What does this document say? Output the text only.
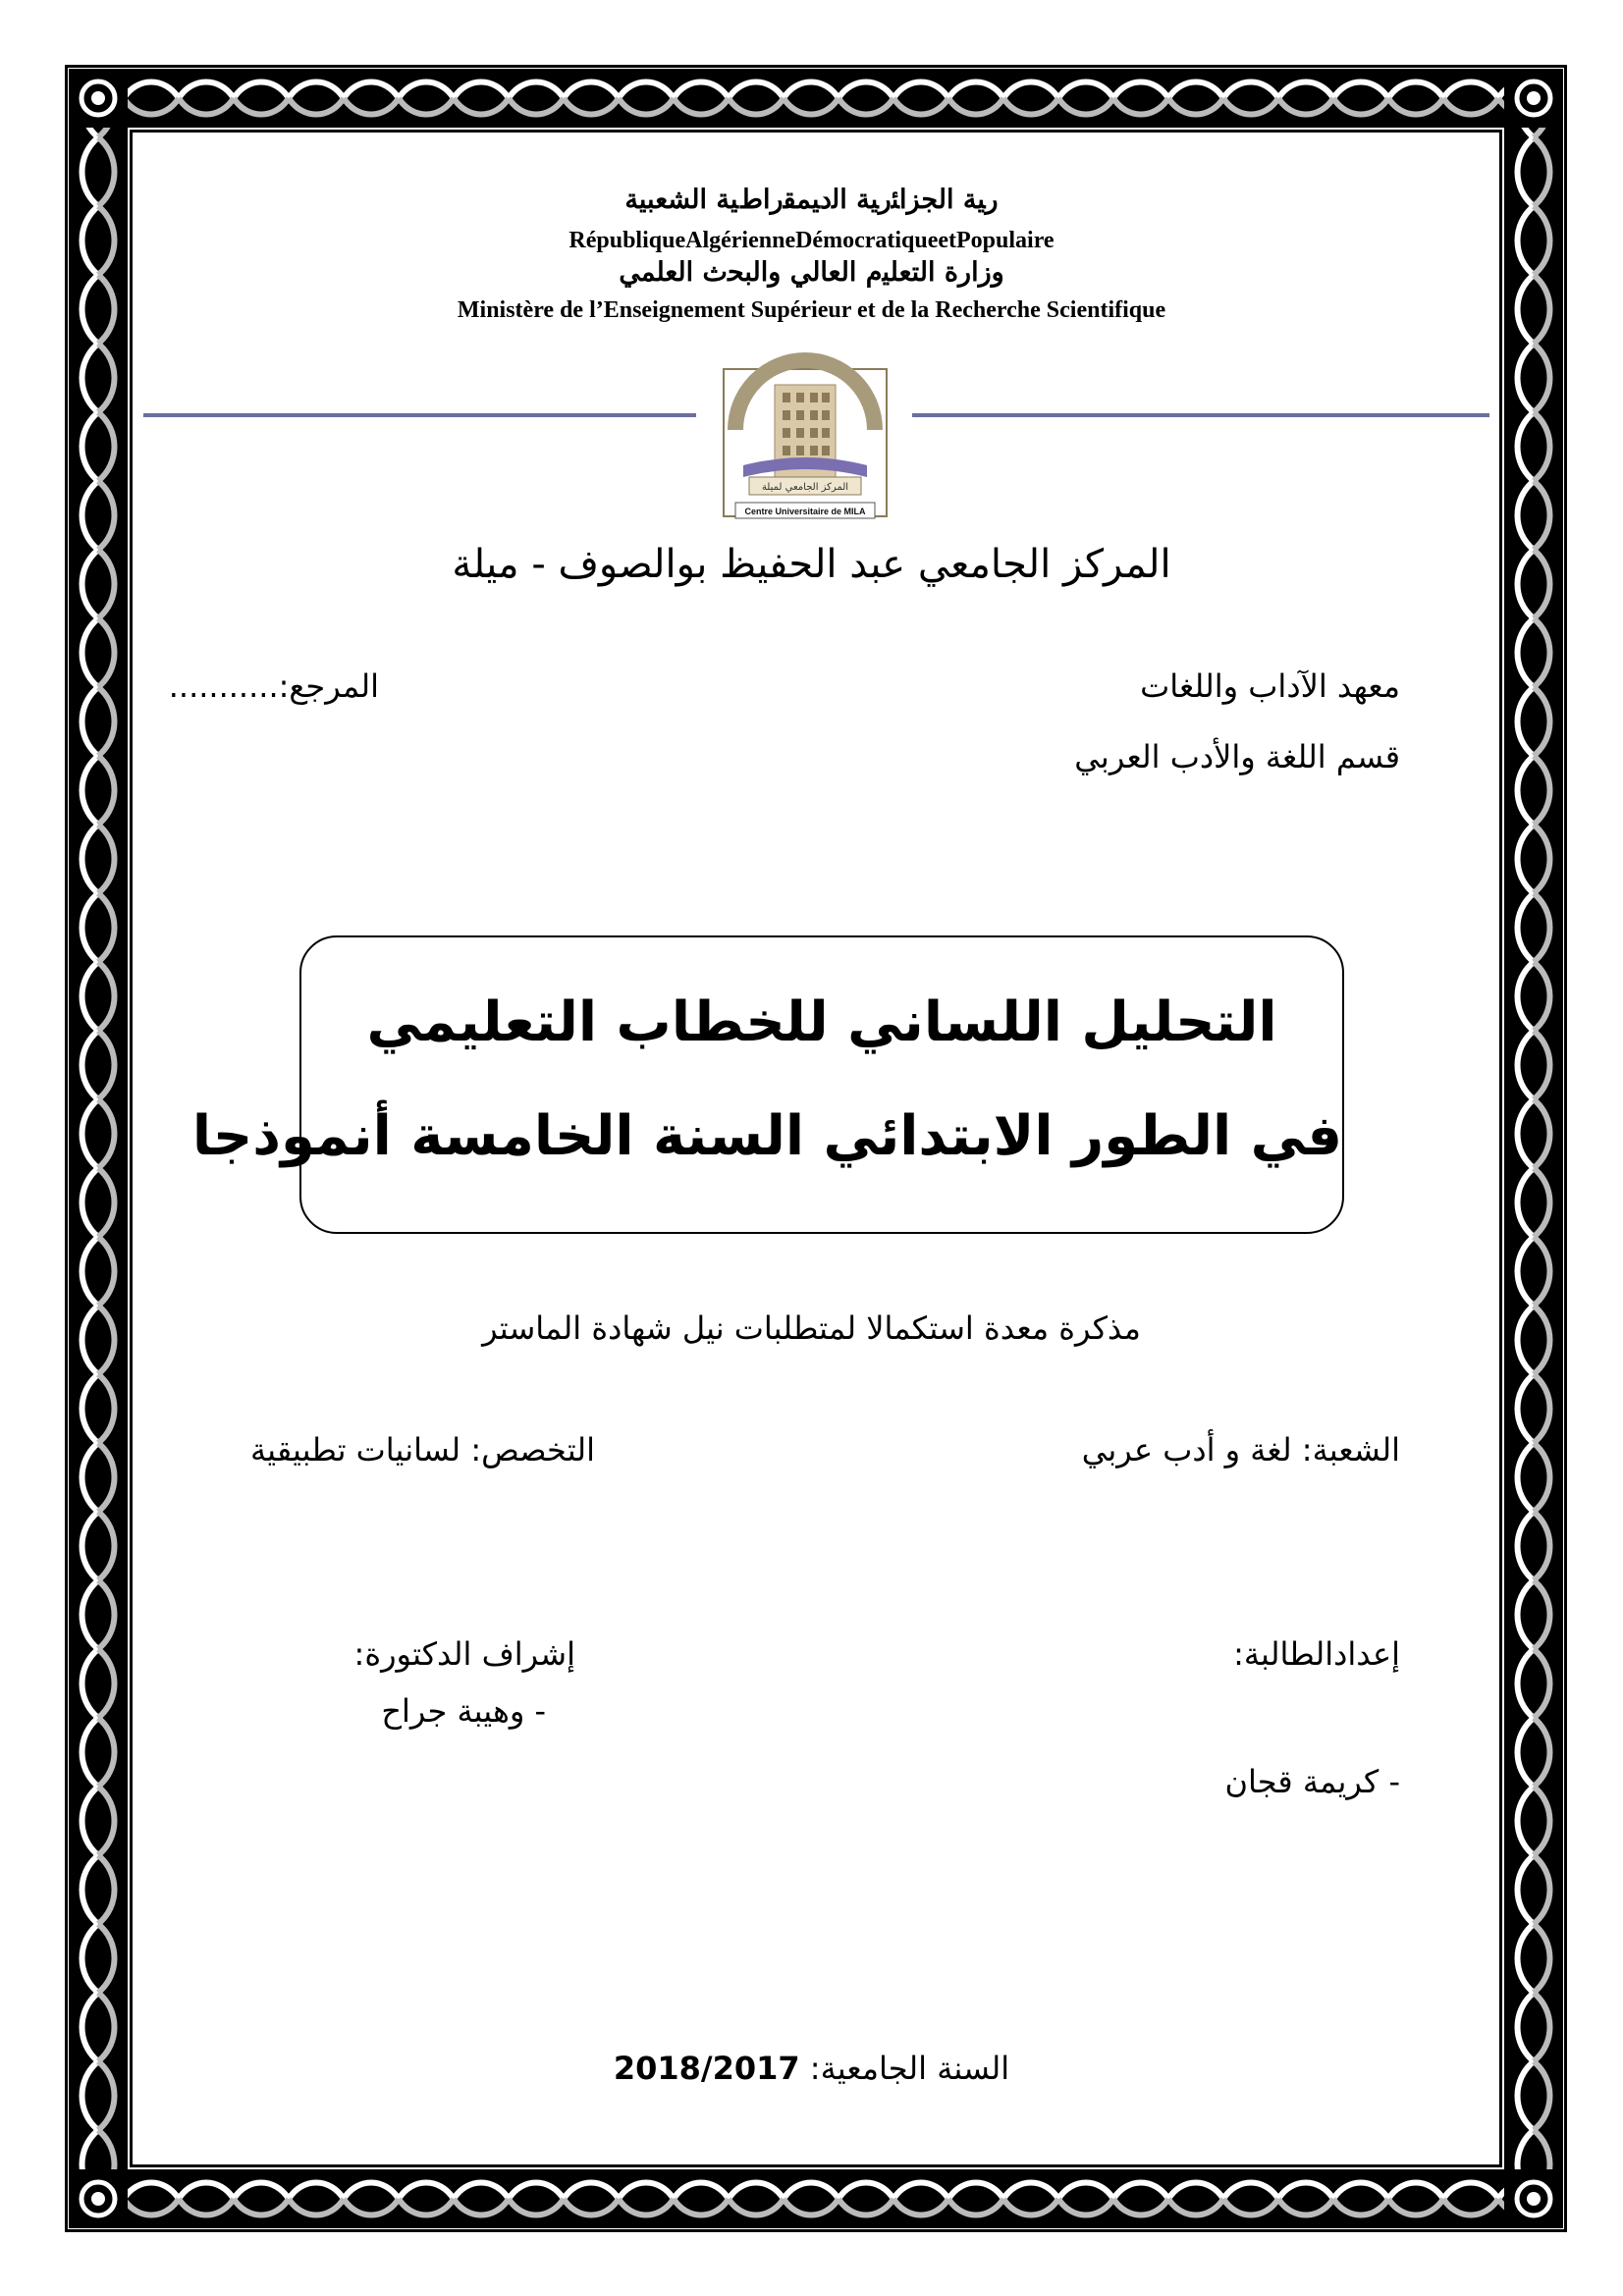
ﺭﻴﺔ ﺍﻟﺠﺰﺍﺌﺭﻴﺔ ﺍﻟﺩﻴﻤﻘﺭﺍﻁﻴﺔ ﺍﻟﺸﻌﺒﻴﺔ
RépubliqueAlgérienneDémocratiqueetPopulaire
ﻭﺯﺍﺭﺓ ﺍﻟﺘﻌﻠﻴﻡ ﺍﻟﻌﺎﻟﻲ ﻭﺍﻟﺒﺤﺙ ﺍﻟﻌﻠﻤﻲ
Ministère de l’Enseignement Supérieur et de la Recherche Scientifique
المركز الجامعي لميلة
Centre Universitaire de MILA
المركز الجامعي عبد الحفيظ بوالصوف - ميلة
معهد الآداب واللغات
المرجع:...........
قسم اللغة والأدب العربي
ﺍﻟﺘﺤﻠﻴﻞ ﺍﻟﻠﺴﺎﻧﻲ ﻟﻠﺨﻄﺎﺏ ﺍﻟﺘﻌﻠﻴﻤﻲ
ﻓﻲ ﺍﻟﻄﻮﺭ ﺍﻻﺑﺘﺪﺍﺋﻲ ﺍﻟﺴﻨﺔ ﺍﻟﺨﺎﻣﺴﺔ ﺃﻧﻤﻮﺫﺟﺎ
مذكرة معدة استكمالا لمتطلبات نيل شهادة الماستر
الشعبة: لغة و أدب عربي
التخصص: لسانيات تطبيقية
إعدادالطالبة:
إشراف الدكتورة:
- وهيبة جراح
- كريمة قجان
السنة الجامعية: 2018/2017
